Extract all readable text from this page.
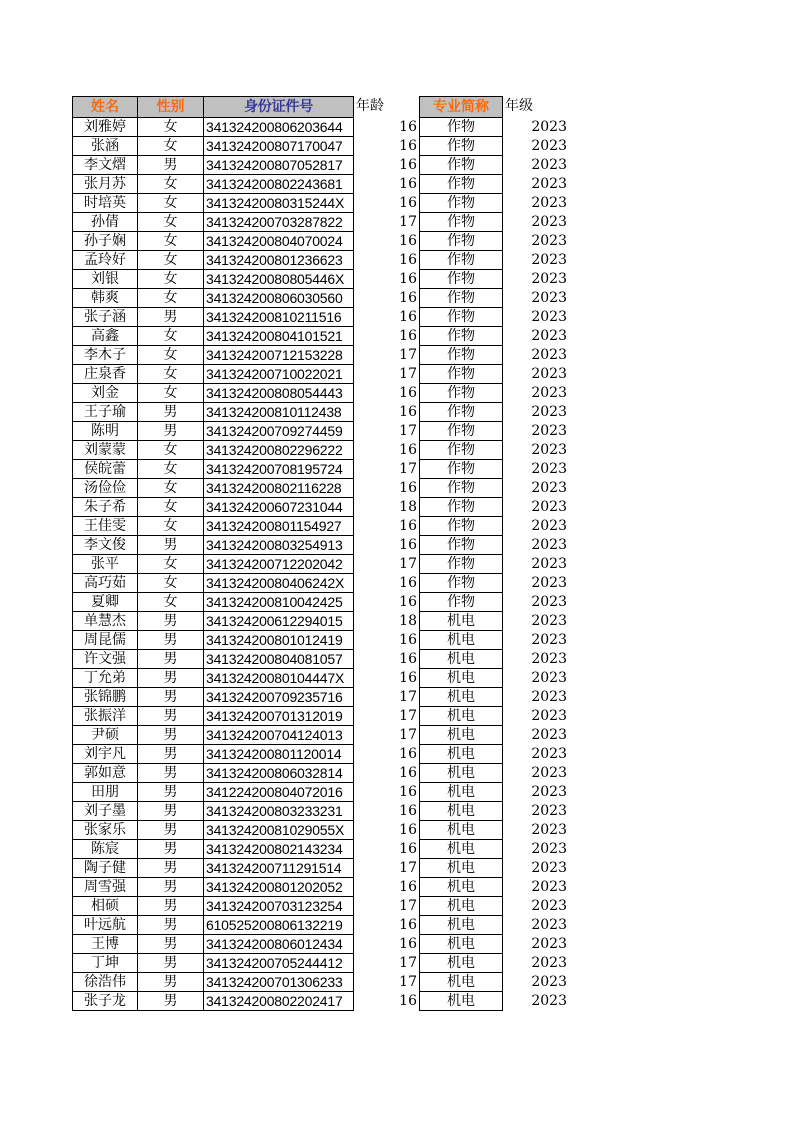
姓名	性别	身份证件号	年龄	专业简称	年级
刘雅婷	女	341324200806203644	16	作物	2023
张涵	女	341324200807170047	16	作物	2023
李文熠	男	341324200807052817	16	作物	2023
张月苏	女	341324200802243681	16	作物	2023
时培英	女	34132420080315244X	16	作物	2023
孙倩	女	341324200703287822	17	作物	2023
孙子娴	女	341324200804070024	16	作物	2023
孟玲好	女	341324200801236623	16	作物	2023
刘银	女	34132420080805446X	16	作物	2023
韩爽	女	341324200806030560	16	作物	2023
张子涵	男	341324200810211516	16	作物	2023
高鑫	女	341324200804101521	16	作物	2023
李木子	女	341324200712153228	17	作物	2023
庄泉香	女	341324200710022021	17	作物	2023
刘金	女	341324200808054443	16	作物	2023
王子瑜	男	341324200810112438	16	作物	2023
陈明	男	341324200709274459	17	作物	2023
刘蒙蒙	女	341324200802296222	16	作物	2023
侯皖蕾	女	341324200708195724	17	作物	2023
汤俭俭	女	341324200802116228	16	作物	2023
朱子希	女	341324200607231044	18	作物	2023
王佳雯	女	341324200801154927	16	作物	2023
李文俊	男	341324200803254913	16	作物	2023
张平	女	341324200712202042	17	作物	2023
高巧茹	女	34132420080406242X	16	作物	2023
夏卿	女	341324200810042425	16	作物	2023
单慧杰	男	341324200612294015	18	机电	2023
周昆儒	男	341324200801012419	16	机电	2023
许文强	男	341324200804081057	16	机电	2023
丁允弟	男	34132420080104447X	16	机电	2023
张锦鹏	男	341324200709235716	17	机电	2023
张振洋	男	341324200701312019	17	机电	2023
尹硕	男	341324200704124013	17	机电	2023
刘宇凡	男	341324200801120014	16	机电	2023
郭如意	男	341324200806032814	16	机电	2023
田朋	男	341224200804072016	16	机电	2023
刘子墨	男	341324200803233231	16	机电	2023
张家乐	男	34132420081029055X	16	机电	2023
陈宸	男	341324200802143234	16	机电	2023
陶子健	男	341324200711291514	17	机电	2023
周雪强	男	341324200801202052	16	机电	2023
相硕	男	341324200703123254	17	机电	2023
叶远航	男	610525200806132219	16	机电	2023
王博	男	341324200806012434	16	机电	2023
丁坤	男	341324200705244412	17	机电	2023
徐浩伟	男	341324200701306233	17	机电	2023
张子龙	男	341324200802202417	16	机电	2023
